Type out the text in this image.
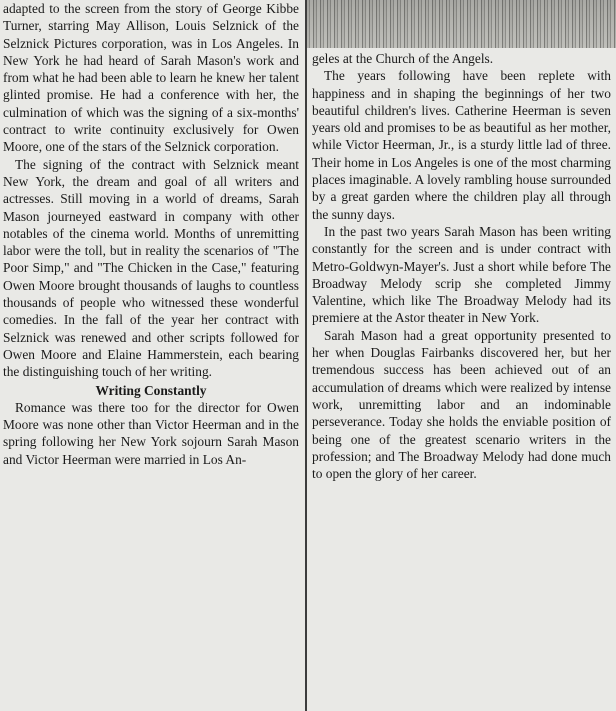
adapted to the screen from the story of George Kibbe Turner, starring May Allison, Louis Selznick of the Selznick Pictures corporation, was in Los Angeles. In New York he had heard of Sarah Mason's work and from what he had been able to learn he knew her talent glinted promise. He had a conference with her, the culmination of which was the signing of a six-months' contract to write continuity exclusively for Owen Moore, one of the stars of the Selznick corporation.

The signing of the contract with Selznick meant New York, the dream and goal of all writers and actresses. Still moving in a world of dreams, Sarah Mason journeyed eastward in company with other notables of the cinema world. Months of unremitting labor were the toll, but in reality the scenarios of "The Poor Simp," and "The Chicken in the Case," featuring Owen Moore brought thousands of laughs to countless thousands of people who witnessed these wonderful comedies. In the fall of the year her contract with Selznick was renewed and other scripts followed for Owen Moore and Elaine Hammerstein, each bearing the distinguishing touch of her writing.

Writing Constantly

Romance was there too for the director for Owen Moore was none other than Victor Heerman and in the spring following her New York sojourn Sarah Mason and Victor Heerman were married in Los An-

geles at the Church of the Angels.

The years following have been replete with happiness and in shaping the beginnings of her two beautiful children's lives. Catherine Heerman is seven years old and promises to be as beautiful as her mother, while Victor Heerman, Jr., is a sturdy little lad of three. Their home in Los Angeles is one of the most charming places imaginable. A lovely rambling house surrounded by a great garden where the children play all through the sunny days.

In the past two years Sarah Mason has been writing constantly for the screen and is under contract with Metro-Goldwyn-Mayer's. Just a short while before The Broadway Melody scrip she completed Jimmy Valentine, which like The Broadway Melody had its premiere at the Astor theater in New York.

Sarah Mason had a great opportunity presented to her when Douglas Fairbanks discovered her, but her tremendous success has been achieved out of an accumulation of dreams which were realized by intense work, unremitting labor and an indominable perseverance. Today she holds the enviable position of being one of the greatest scenario writers in the profession; and The Broadway Melody had done much to open the glory of her career.
